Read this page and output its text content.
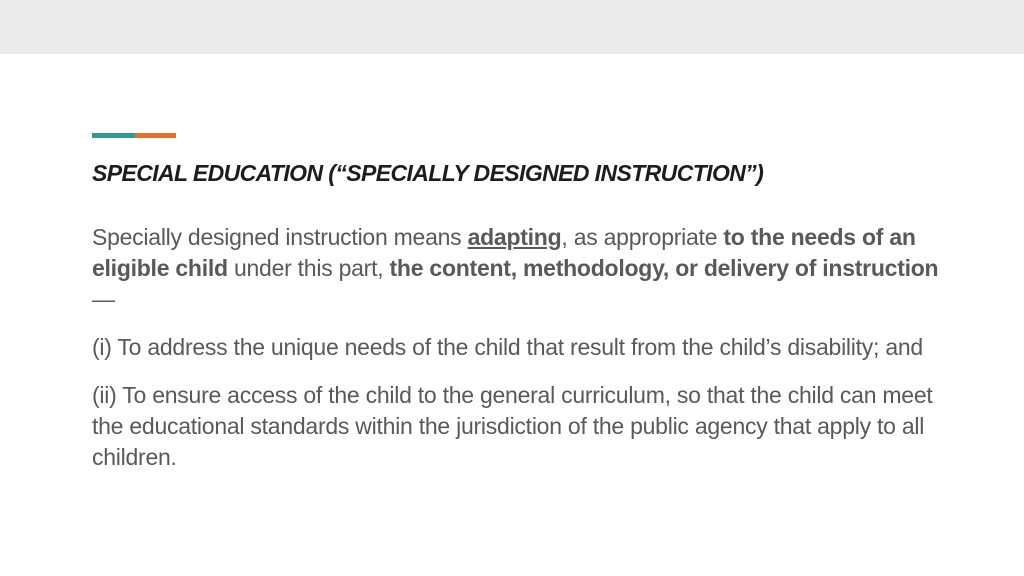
SPECIAL EDUCATION (“SPECIALLY DESIGNED INSTRUCTION”)

Specially designed instruction means adapting, as appropriate to the needs of an eligible child under this part, the content, methodology, or delivery of instruction—

(i) To address the unique needs of the child that result from the child’s disability; and

(ii) To ensure access of the child to the general curriculum, so that the child can meet the educational standards within the jurisdiction of the public agency that apply to all children.
